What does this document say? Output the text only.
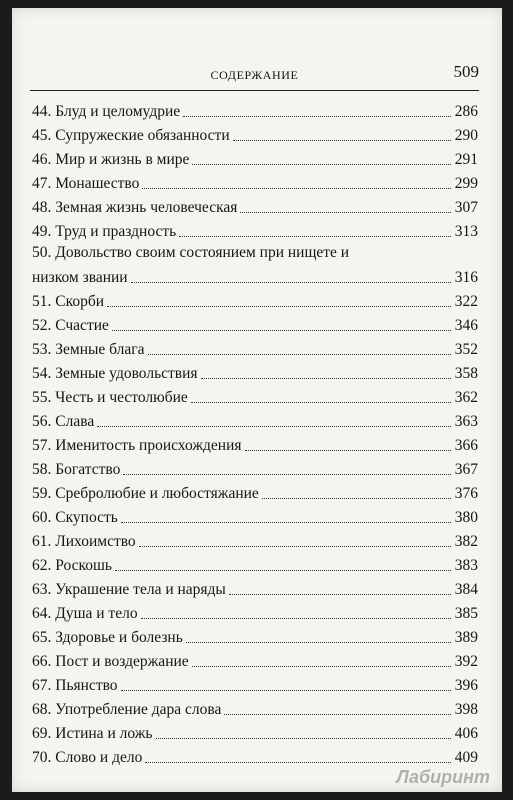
СОДЕРЖАНИЕ	509
44. Блуд и целомудрие	286
45. Супружеские обязанности	290
46. Мир и жизнь в мире	291
47. Монашество	299
48. Земная жизнь человеческая	307
49. Труд и праздность	313
50. Довольство своим состоянием при нищете и
низком звании	316
51. Скорби	322
52. Счастие	346
53. Земные блага	352
54. Земные удовольствия	358
55. Честь и честолюбие	362
56. Слава	363
57. Именитость происхождения	366
58. Богатство	367
59. Сребролюбие и любостяжание	376
60. Скупость	380
61. Лихоимство	382
62. Роскошь	383
63. Украшение тела и наряды	384
64. Душа и тело	385
65. Здоровье и болезнь	389
66. Пост и воздержание	392
67. Пьянство	396
68. Употребление дара слова	398
69. Истина и ложь	406
70. Слово и дело	409
Лабиринт
